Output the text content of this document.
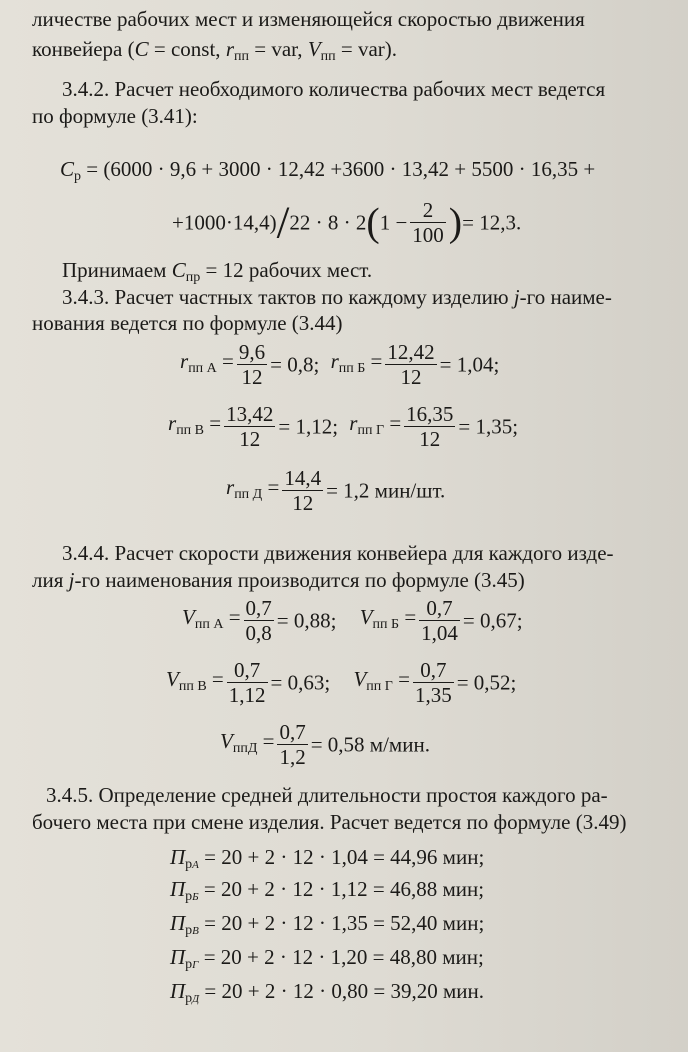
личестве рабочих мест и изменяющейся скоростью движения
конвейера (C = const, $r_{пп}$ = var, $V_{пп} = var$).
3.4.2. Расчет необходимого количества рабочих мест ведется
по формуле (3.41):
$C_р = (6000 \cdot 9,6 + 3000 \cdot 12,42 +3600 \cdot 13,42 + 5500 \cdot 16,35$ +
$+1000\cdot 14,4)/22 \cdot 8 \cdot 2(1 - \frac{2}{100}$ )= 12,3.
Принимаем $C_{пр} = 12$ рабочих мест.
3.4.3. Расчет частных тактов по каждому изделию j-го наиме-
нования ведется по формуле (3.44)
$r_{пп А} = \frac{9,6}{12} = 0,8$; $r_{пп Б} = \frac{12,42}{12} = 1,04$;
$r_{пп В} = \frac{13,42}{12} = 1,12$; $r_{пп Г} = \frac{16,35}{12} = 1,35$;
$r_{пп Д} = \frac{14,4}{12} = 1,2$ мин/шт.
3.4.4. Расчет скорости движения конвейера для каждого изде-
лия j-го наименования производится по формуле (3.45)
$V_{пп А} = \frac{0,7}{0,8} = 0,88$; $V_{пп Б} = \frac{0,7}{1,04} = 0,67$;
$V_{пп В} = \frac{0,7}{1,12} = 0,63$; $V_{пп Г} = \frac{0,7}{1,35} = 0,52$;
$V_{ппД} = \frac{0,7}{1,2} = 0,58$ м/мин.
3.4.5. Определение средней длительности простоя каждого ра-
бочего места при смене изделия. Расчет ведется по формуле (3.49)
$П_{рА} = 20 + 2 \cdot 12 \cdot 1,04 = 44,96$ мин;
$П_{рБ} = 20 + 2 \cdot 12 \cdot 1,12 = 46,88$ мин;
$П_{рВ} = 20 + 2 \cdot 12 \cdot 1,35 = 52,40$ мин;
$П_{рГ} = 20 + 2 \cdot 12 \cdot 1,20 = 48,80$ мин;
$П_{рД} = 20 + 2 \cdot 12 \cdot 0,80 = 39,20$ мин.
